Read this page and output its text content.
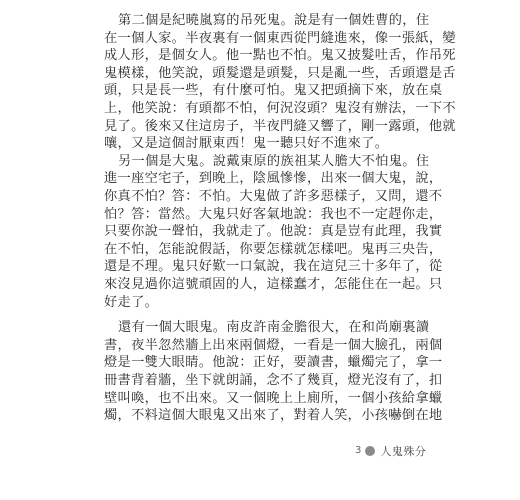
第二個是紀曉嵐寫的吊死鬼。說是有一個姓曹的，住
在一個人家。半夜裏有一個東西從門縫進來，像一張紙，變
成人形，是個女人。他一點也不怕。鬼又披髮吐舌，作吊死
鬼模樣，他笑說，頭髮還是頭髮，只是亂一些，舌頭還是舌
頭，只是長一些，有什麼可怕。鬼又把頭摘下來，放在桌
上，他笑說：有頭都不怕，何況沒頭？鬼沒有辦法，一下不
見了。後來又住這房子，半夜門縫又響了，剛一露頭，他就
嚷，又是這個討厭東西！鬼一聽只好不進來了。
另一個是大鬼。說戴東原的族祖某人膽大不怕鬼。住
進一座空宅子，到晚上，陰風慘慘，出來一個大鬼，說，
你真不怕？答：不怕。大鬼做了許多惡樣子，又問，還不
怕？答：當然。大鬼只好客氣地說：我也不一定趕你走，
只要你說一聲怕，我就走了。他說：真是豈有此理，我實
在不怕，怎能說假話，你要怎樣就怎樣吧。鬼再三央告，
還是不理。鬼只好歎一口氣說，我在這兒三十多年了，從
來沒見過你這號頑固的人，這樣蠢才，怎能住在一起。只
好走了。
還有一個大眼鬼。南皮許南金膽很大，在和尚廟裏讀
書，夜半忽然牆上出來兩個燈，一看是一個大臉孔，兩個
燈是一雙大眼睛。他說：正好，要讀書，蠟燭完了，拿一
冊書背着牆，坐下就朗誦，念不了幾頁，燈光沒有了，扣
壁叫喚，也不出來。又一個晚上上廁所，一個小孩給拿蠟
燭，不料這個大眼鬼又出來了，對着人笑，小孩嚇倒在地
3 人鬼殊分
